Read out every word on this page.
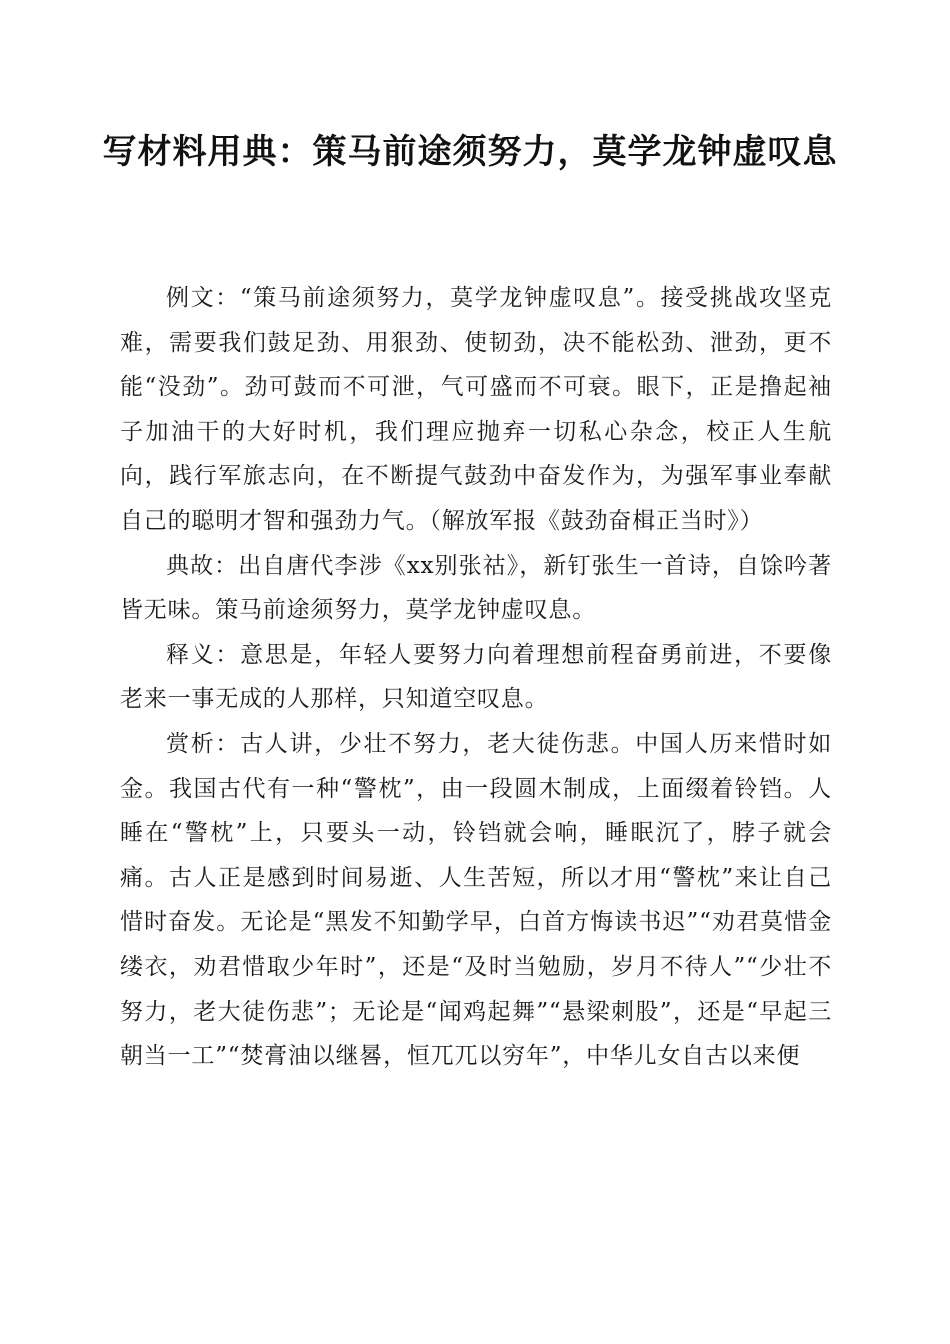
写材料用典：策马前途须努力，莫学龙钟虚叹息

例文：“策马前途须努力，莫学龙钟虚叹息”。接受挑战攻坚克难，需要我们鼓足劲、用狠劲、使韧劲，决不能松劲、泄劲，更不能“没劲”。劲可鼓而不可泄，气可盛而不可衰。眼下，正是撸起袖子加油干的大好时机，我们理应抛弃一切私心杂念，校正人生航向，践行军旅志向，在不断提气鼓劲中奋发作为，为强军事业奉献自己的聪明才智和强劲力气。（解放军报《鼓劲奋楫正当时》）

典故：出自唐代李涉《xx别张祜》，新钉张生一首诗，自馀吟著皆无味。策马前途须努力，莫学龙钟虚叹息。

释义：意思是，年轻人要努力向着理想前程奋勇前进，不要像老来一事无成的人那样，只知道空叹息。

赏析：古人讲，少壮不努力，老大徒伤悲。中国人历来惜时如金。我国古代有一种“警枕”，由一段圆木制成，上面缀着铃铛。人睡在“警枕”上，只要头一动，铃铛就会响，睡眠沉了，脖子就会痛。古人正是感到时间易逝、人生苦短，所以才用“警枕”来让自己惜时奋发。无论是“黑发不知勤学早，白首方悔读书迟”“劝君莫惜金缕衣，劝君惜取少年时”，还是“及时当勉励，岁月不待人”“少壮不努力，老大徒伤悲”；无论是“闻鸡起舞”“悬梁刺股”，还是“早起三朝当一工”“焚膏油以继晷，恒兀兀以穷年”，中华儿女自古以来便
